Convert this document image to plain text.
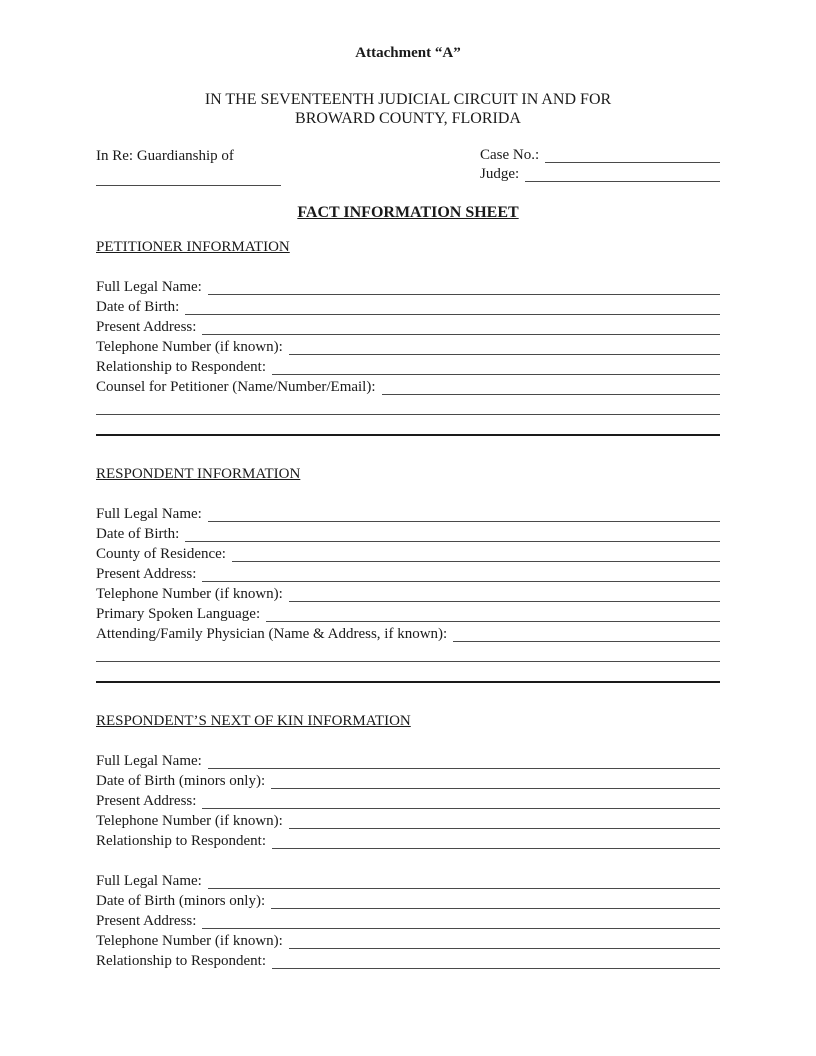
Attachment “A”
IN THE SEVENTEENTH JUDICIAL CIRCUIT IN AND FOR
BROWARD COUNTY, FLORIDA
In Re: Guardianship of	Case No.:
Judge:
FACT INFORMATION SHEET
PETITIONER INFORMATION
Full Legal Name:
Date of Birth:
Present Address:
Telephone Number (if known):
Relationship to Respondent:
Counsel for Petitioner (Name/Number/Email):
RESPONDENT INFORMATION
Full Legal Name:
Date of Birth:
County of Residence:
Present Address:
Telephone Number (if known):
Primary Spoken Language:
Attending/Family Physician (Name & Address, if known):
RESPONDENT’S NEXT OF KIN INFORMATION
Full Legal Name:
Date of Birth (minors only):
Present Address:
Telephone Number (if known):
Relationship to Respondent:
Full Legal Name:
Date of Birth (minors only):
Present Address:
Telephone Number (if known):
Relationship to Respondent:
